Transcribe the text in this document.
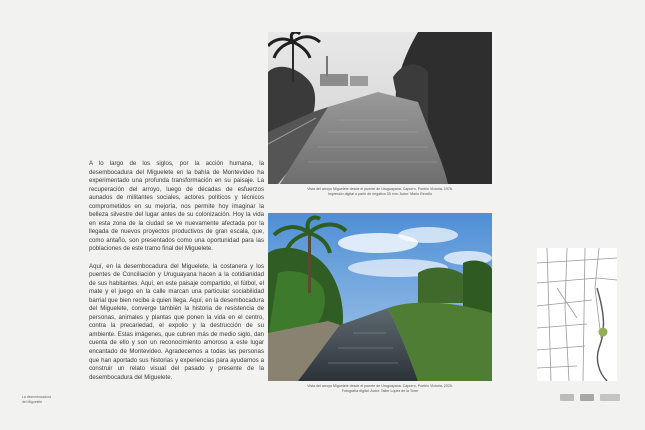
A lo largo de los siglos, por la acción humana, la desembocadura del Miguelete en la bahía de Montevideo ha experimentado una profunda transformación en su paisaje. La recuperación del arroyo, luego de décadas de esfuerzos aunados de militantes sociales, actores políticos y técnicos comprometidos en su mejoría, nos permite hoy imaginar la belleza silvestre del lugar antes de su colonización. Hoy la vida en esta zona de la ciudad se ve nuevamente afectada por la llegada de nuevos proyectos productivos de gran escala, que, como antaño, son presentados como una oportunidad para las poblaciones de este tramo final del Miguelete.

Aquí, en la desembocadura del Miguelete, la costanera y los puentes de Conciliación y Uruguayana hacen a la cotidianidad de sus habitantes. Aquí, en este paisaje compartido, el fútbol, el mate y el juego en la calle marcan una particular sociabilidad barrial que bien recibe a quien llega. Aquí, en la desembocadura del Miguelete, converge también la historia de resistencia de personas, animales y plantas que ponen la vida en el centro, contra la precariedad, el expolio y la destrucción de su ambiente. Estas imágenes, que cubren más de medio siglo, dan cuenta de ello y son un reconocimiento amoroso a este lugar encantado de Montevideo. Agradecemos a todas las personas que han aportado sus historias y experiencias para ayudarnos a construir un relato visual del pasado y presente de la desembocadura del Miguelete.

Vista del arroyo Miguelete desde el puente de Uruguayana. Capurro, Pueblo Victoria, 1976.
Impresión digital a partir de negativo 35 mm. Autor: Mario Revello
Vista del arroyo Miguelete desde el puente de Uruguayana. Capurro, Pueblo Victoria, 2020.
Fotografía digital. Autor: Taller López de la Torre
La desembocadura
del Miguelete
